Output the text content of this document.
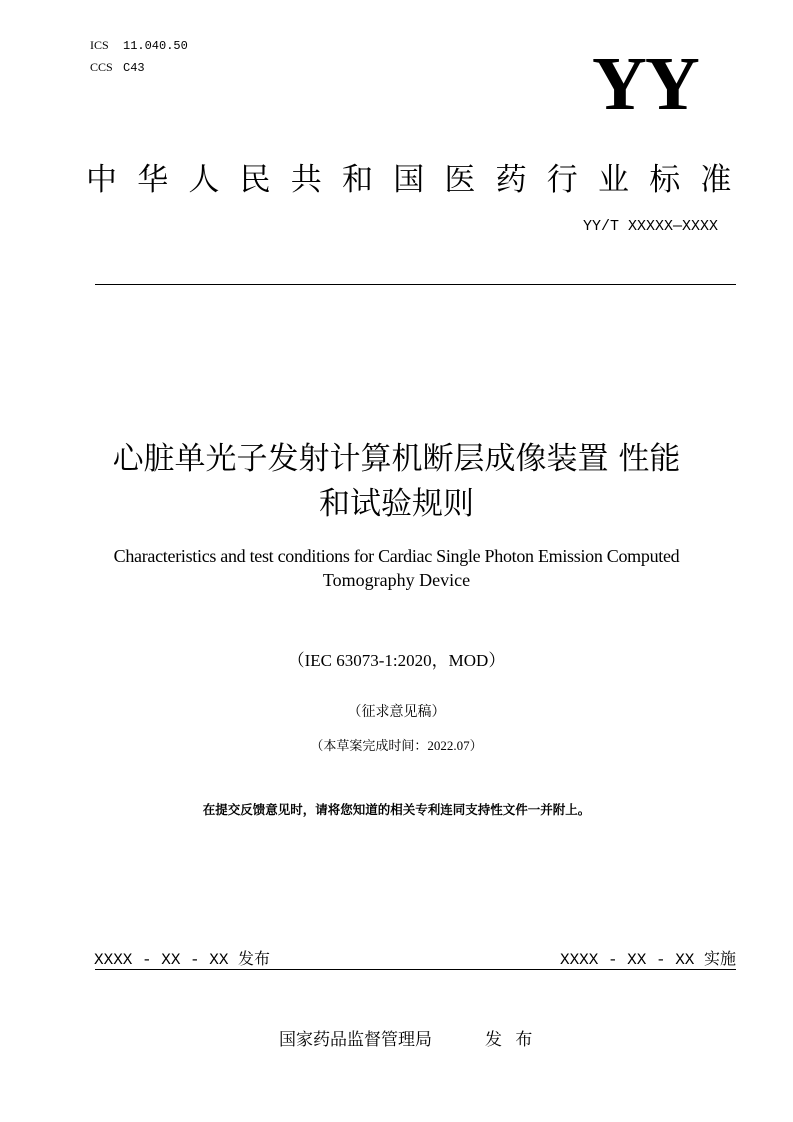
ICS 11.040.50
CCS C43	YY
中华人民共和国医药行业标准
YY/T XXXXX—XXXX
心脏单光子发射计算机断层成像装置 性能
和试验规则
Characteristics and test conditions for Cardiac Single Photon Emission Computed
Tomography Device
（IEC 63073-1:2020，MOD）
（征求意见稿）
（本草案完成时间：2022.07）
在提交反馈意见时，请将您知道的相关专利连同支持性文件一并附上。
XXXX - XX - XX 发布	XXXX - XX - XX 实施
国家药品监督管理局	发 布
